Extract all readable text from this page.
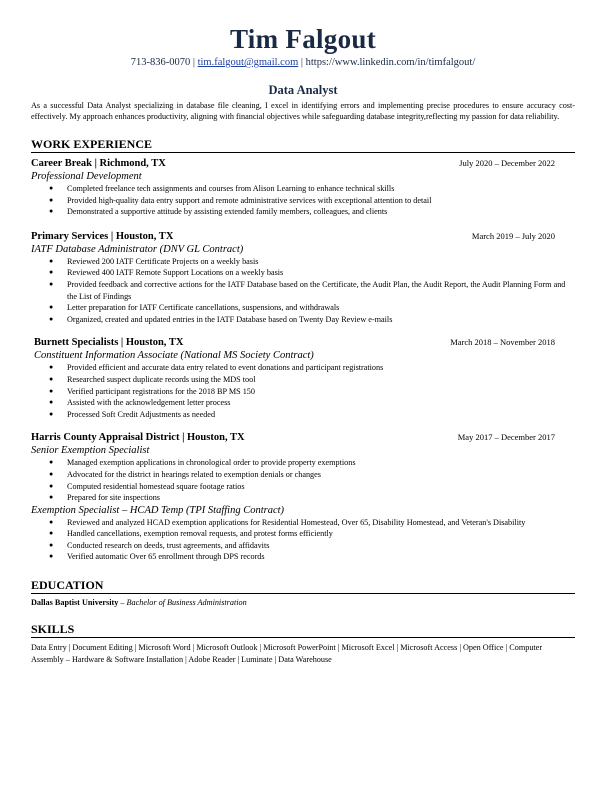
Tim Falgout
713-836-0070 | tim.falgout@gmail.com | https://www.linkedin.com/in/timfalgout/
Data Analyst
As a successful Data Analyst specializing in database file cleaning, I excel in identifying errors and implementing precise procedures to ensure accuracy cost-effectively. My approach enhances productivity, aligning with financial objectives while safeguarding database integrity,reflecting my passion for data reliability.
WORK EXPERIENCE
Career Break | Richmond, TX	July 2020 – December 2022
Professional Development
● Completed freelance tech assignments and courses from Alison Learning to enhance technical skills
● Provided high-quality data entry support and remote administrative services with exceptional attention to detail
● Demonstrated a supportive attitude by assisting extended family members, colleagues, and clients
Primary Services | Houston, TX	March 2019 – July 2020
IATF Database Administrator (DNV GL Contract)
● Reviewed 200 IATF Certificate Projects on a weekly basis
● Reviewed 400 IATF Remote Support Locations on a weekly basis
● Provided feedback and corrective actions for the IATF Database based on the Certificate, the Audit Plan, the Audit Report, the Audit Planning Form and the List of Findings
● Letter preparation for IATF Certificate cancellations, suspensions, and withdrawals
● Organized, created and updated entries in the IATF Database based on Twenty Day Review e-mails
Burnett Specialists | Houston, TX	March 2018 – November 2018
Constituent Information Associate (National MS Society Contract)
● Provided efficient and accurate data entry related to event donations and participant registrations
● Researched suspect duplicate records using the MDS tool
● Verified participant registrations for the 2018 BP MS 150
● Assisted with the acknowledgement letter process
● Processed Soft Credit Adjustments as needed
Harris County Appraisal District | Houston, TX	May 2017 – December 2017
Senior Exemption Specialist
● Managed exemption applications in chronological order to provide property exemptions
● Advocated for the district in hearings related to exemption denials or changes
● Computed residential homestead square footage ratios
● Prepared for site inspections
Exemption Specialist – HCAD Temp (TPI Staffing Contract)
● Reviewed and analyzed HCAD exemption applications for Residential Homestead, Over 65, Disability Homestead, and Veteran's Disability
● Handled cancellations, exemption removal requests, and protest forms efficiently
● Conducted research on deeds, trust agreements, and affidavits
● Verified automatic Over 65 enrollment through DPS records
EDUCATION
Dallas Baptist University – Bachelor of Business Administration
SKILLS
Data Entry | Document Editing | Microsoft Word | Microsoft Outlook | Microsoft PowerPoint | Microsoft Excel | Microsoft Access | Open Office | Computer Assembly – Hardware & Software Installation | Adobe Reader | Luminate | Data Warehouse
